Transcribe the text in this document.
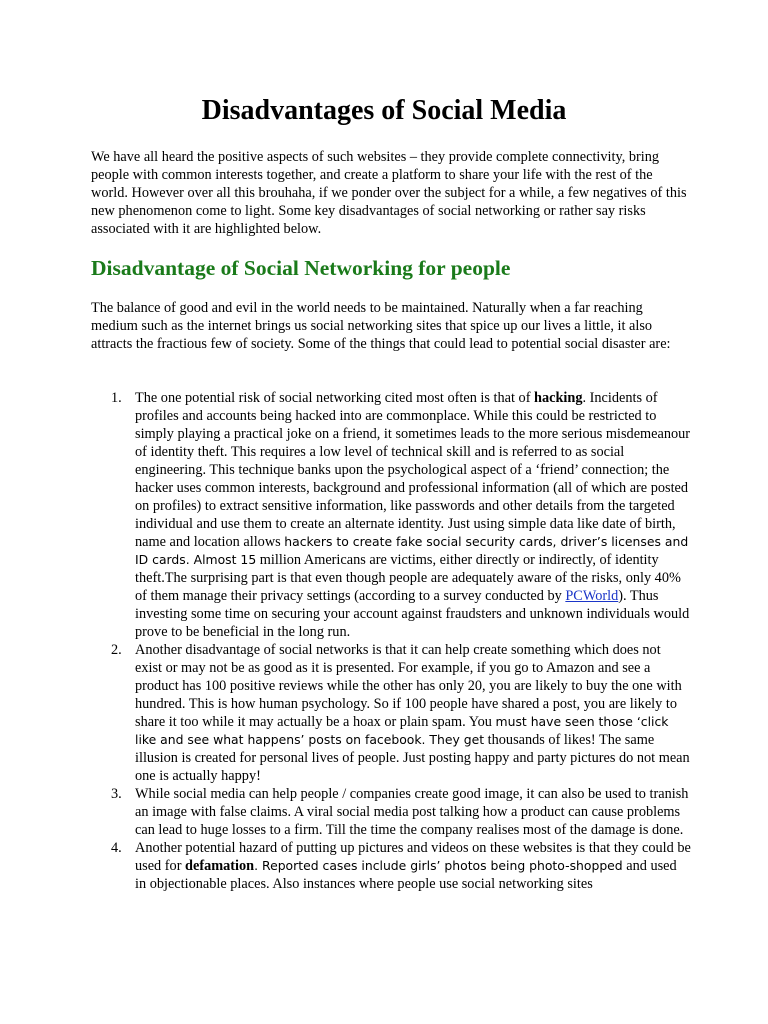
Disadvantages of Social Media

We have all heard the positive aspects of such websites – they provide complete connectivity, bring people with common interests together, and create a platform to share your life with the rest of the world. However over all this brouhaha, if we ponder over the subject for a while, a few negatives of this new phenomenon come to light. Some key disadvantages of social networking or rather say risks associated with it are highlighted below.

Disadvantage of Social Networking for people

The balance of good and evil in the world needs to be maintained. Naturally when a far reaching medium such as the internet brings us social networking sites that spice up our lives a little, it also attracts the fractious few of society. Some of the things that could lead to potential social disaster are:

1. The one potential risk of social networking cited most often is that of hacking. Incidents of profiles and accounts being hacked into are commonplace. While this could be restricted to simply playing a practical joke on a friend, it sometimes leads to the more serious misdemeanour of identity theft. This requires a low level of technical skill and is referred to as social engineering. This technique banks upon the psychological aspect of a ‘friend’ connection; the hacker uses common interests, background and professional information (all of which are posted on profiles) to extract sensitive information, like passwords and other details from the targeted individual and use them to create an alternate identity. Just using simple data like date of birth, name and location allows hackers to create fake social security cards, driver’s licenses and ID cards. Almost 15 million Americans are victims, either directly or indirectly, of identity theft.The surprising part is that even though people are adequately aware of the risks, only 40% of them manage their privacy settings (according to a survey conducted by PCWorld). Thus investing some time on securing your account against fraudsters and unknown individuals would prove to be beneficial in the long run.
2. Another disadvantage of social networks is that it can help create something which does not exist or may not be as good as it is presented. For example, if you go to Amazon and see a product has 100 positive reviews while the other has only 20, you are likely to buy the one with hundred. This is how human psychology. So if 100 people have shared a post, you are likely to share it too while it may actually be a hoax or plain spam. You must have seen those ‘click like and see what happens’ posts on facebook. They get thousands of likes! The same illusion is created for personal lives of people. Just posting happy and party pictures do not mean one is actually happy!
3. While social media can help people / companies create good image, it can also be used to tranish an image with false claims. A viral social media post talking how a product can cause problems can lead to huge losses to a firm. Till the time the company realises most of the damage is done.
4. Another potential hazard of putting up pictures and videos on these websites is that they could be used for defamation. Reported cases include girls’ photos being photo-shopped and used in objectionable places. Also instances where people use social networking sites
